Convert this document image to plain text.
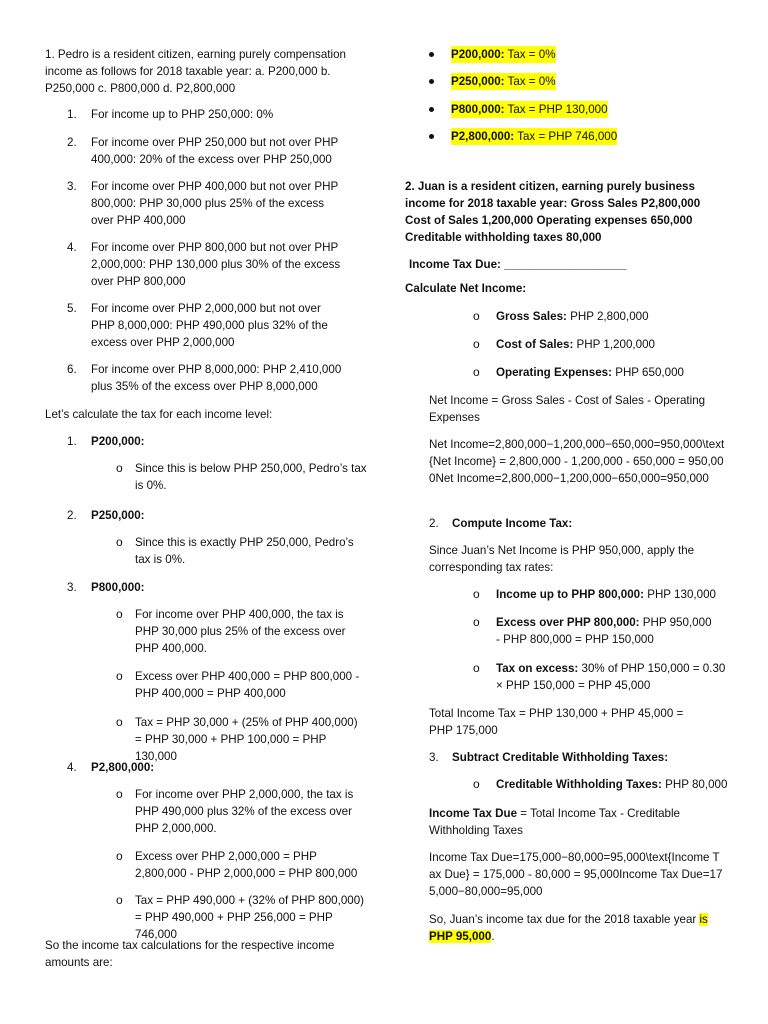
1. Pedro is a resident citizen, earning purely compensation income as follows for 2018 taxable year: a. P200,000 b. P250,000 c. P800,000 d. P2,800,000

1. For income up to PHP 250,000: 0%
2. For income over PHP 250,000 but not over PHP 400,000: 20% of the excess over PHP 250,000
3. For income over PHP 400,000 but not over PHP 800,000: PHP 30,000 plus 25% of the excess over PHP 400,000
4. For income over PHP 800,000 but not over PHP 2,000,000: PHP 130,000 plus 30% of the excess over PHP 800,000
5. For income over PHP 2,000,000 but not over PHP 8,000,000: PHP 490,000 plus 32% of the excess over PHP 2,000,000
6. For income over PHP 8,000,000: PHP 2,410,000 plus 35% of the excess over PHP 8,000,000

Let’s calculate the tax for each income level:

1. P200,000:
o Since this is below PHP 250,000, Pedro’s tax is 0%.
2. P250,000:
o Since this is exactly PHP 250,000, Pedro’s tax is 0%.
3. P800,000:
o For income over PHP 400,000, the tax is PHP 30,000 plus 25% of the excess over PHP 400,000.
o Excess over PHP 400,000 = PHP 800,000 - PHP 400,000 = PHP 400,000
o Tax = PHP 30,000 + (25% of PHP 400,000) = PHP 30,000 + PHP 100,000 = PHP 130,000
4. P2,800,000:
o For income over PHP 2,000,000, the tax is PHP 490,000 plus 32% of the excess over PHP 2,000,000.
o Excess over PHP 2,000,000 = PHP 2,800,000 - PHP 2,000,000 = PHP 800,000
o Tax = PHP 490,000 + (32% of PHP 800,000) = PHP 490,000 + PHP 256,000 = PHP 746,000

So the income tax calculations for the respective income amounts are:

P200,000: Tax = 0%
P250,000: Tax = 0%
P800,000: Tax = PHP 130,000
P2,800,000: Tax = PHP 746,000

2. Juan is a resident citizen, earning purely business income for 2018 taxable year: Gross Sales P2,800,000 Cost of Sales 1,200,000 Operating expenses 650,000 Creditable withholding taxes 80,000

Income Tax Due: ___________________

Calculate Net Income:

o Gross Sales: PHP 2,800,000
o Cost of Sales: PHP 1,200,000
o Operating Expenses: PHP 650,000

Net Income = Gross Sales - Cost of Sales - Operating Expenses

Net Income=2,800,000−1,200,000−650,000=950,000\text{Net Income} = 2,800,000 - 1,200,000 - 650,000 = 950,000Net Income=2,800,000−1,200,000−650,000=950,000

2. Compute Income Tax:

Since Juan’s Net Income is PHP 950,000, apply the corresponding tax rates:

o Income up to PHP 800,000: PHP 130,000
o Excess over PHP 800,000: PHP 950,000 - PHP 800,000 = PHP 150,000
o Tax on excess: 30% of PHP 150,000 = 0.30 × PHP 150,000 = PHP 45,000

Total Income Tax = PHP 130,000 + PHP 45,000 = PHP 175,000

3. Subtract Creditable Withholding Taxes:
o Creditable Withholding Taxes: PHP 80,000

Income Tax Due = Total Income Tax - Creditable Withholding Taxes

Income Tax Due=175,000−80,000=95,000\text{Income Tax Due} = 175,000 - 80,000 = 95,000Income Tax Due=175,000−80,000=95,000

So, Juan’s income tax due for the 2018 taxable year is PHP 95,000.
